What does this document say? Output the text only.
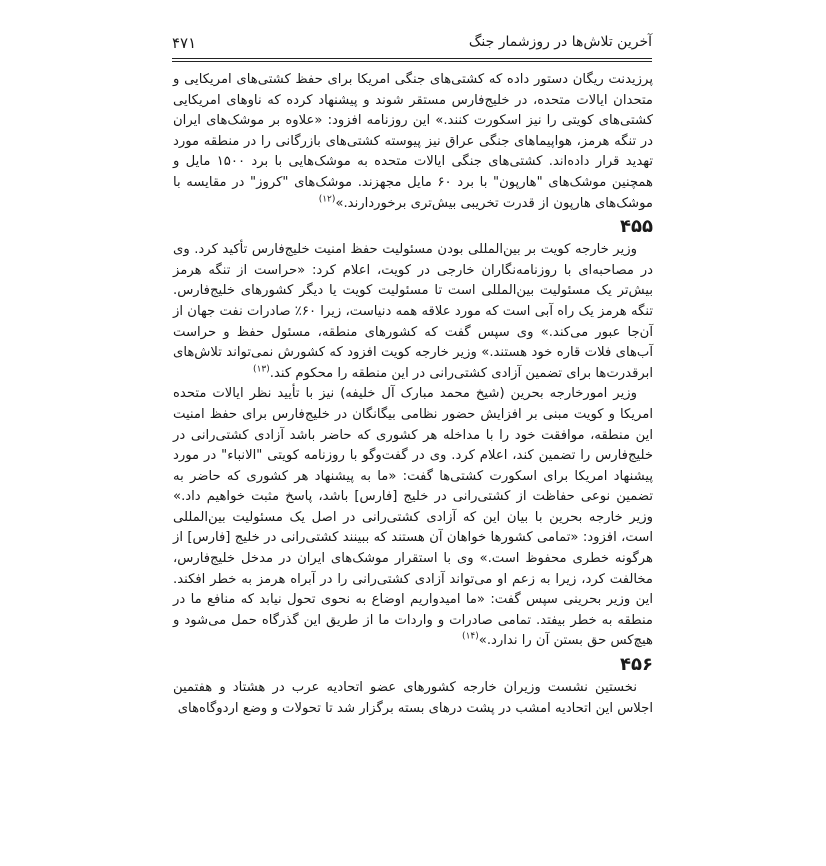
آخرین تلاش‌ها در روزشمار جنگ
۴۷۱

پرزیدنت ریگان دستور داده که کشتی‌های جنگی امریکا برای حفظ کشتی‌های امریکایی و متحدان ایالات متحده، در خلیج‌فارس مستقر شوند و پیشنهاد کرده که ناوهای امریکایی کشتی‌های کویتی را نیز اسکورت کنند.» این روزنامه افزود: «علاوه بر موشک‌های ایران در تنگه هرمز، هواپیماهای جنگی عراق نیز پیوسته کشتی‌های بازرگانی را در منطقه مورد تهدید قرار داده‌اند. کشتی‌های جنگی ایالات متحده به موشک‌هایی با برد ۱۵۰۰ مایل و همچنین موشک‌های "هارپون" با برد ۶۰ مایل مجهزند. موشک‌های "کروز" در مقایسه با موشک‌های هارپون از قدرت تخریبی بیش‌تری برخوردارند.»$^{(۱۲)}$

۴۵۵

وزیر خارجه کویت بر بین‌المللی بودن مسئولیت حفظ امنیت خلیج‌فارس تأکید کرد. وی در مصاحبه‌ای با روزنامه‌نگاران خارجی در کویت، اعلام کرد: «حراست از تنگه هرمز بیش‌تر یک مسئولیت بین‌المللی است تا مسئولیت کویت یا دیگر کشورهای خلیج‌فارس. تنگه هرمز یک راه آبی است که مورد علاقه همه دنیاست، زیرا ۶۰٪ صادرات نفت جهان از آن‌جا عبور می‌کند.» وی سپس گفت که کشورهای منطقه، مسئول حفظ و حراست آب‌های فلات قاره خود هستند.» وزیر خارجه کویت افزود که کشورش نمی‌تواند تلاش‌های ابرقدرت‌ها برای تضمین آزادی کشتی‌رانی در این منطقه را محکوم کند.$^{(۱۳)}$

وزیر امورخارجه بحرین (شیخ محمد مبارک آل خلیفه) نیز با تأیید نظر ایالات متحده امریکا و کویت مبنی بر افزایش حضور نظامی بیگانگان در خلیج‌فارس برای حفظ امنیت این منطقه، موافقت خود را با مداخله هر کشوری که حاضر باشد آزادی کشتی‌رانی در خلیج‌فارس را تضمین کند، اعلام کرد. وی در گفت‌وگو با روزنامه کویتی "الانباء" در مورد پیشنهاد امریکا برای اسکورت کشتی‌ها گفت: «ما به پیشنهاد هر کشوری که حاضر به تضمین نوعی حفاظت از کشتی‌رانی در خلیج [فارس] باشد، پاسخ مثبت خواهیم داد.» وزیر خارجه بحرین با بیان این که آزادی کشتی‌رانی در اصل یک مسئولیت بین‌المللی است، افزود: «تمامی کشورها خواهان آن هستند که ببینند کشتی‌رانی در خلیج [فارس] از هرگونه خطری محفوظ است.» وی با استقرار موشک‌های ایران در مدخل خلیج‌فارس، مخالفت کرد، زیرا به زعم او می‌تواند آزادی کشتی‌رانی را در آبراه هرمز به خطر افکند. این وزیر بحرینی سپس گفت: «ما امیدواریم اوضاع به نحوی تحول نیابد که منافع ما در منطقه به خطر بیفتد. تمامی صادرات و واردات ما از طریق این گذرگاه حمل می‌شود و هیچ‌کس حق بستن آن را ندارد.»$^{(۱۴)}$

۴۵۶

نخستین نشست وزیران خارجه کشورهای عضو اتحادیه عرب در هشتاد و هفتمین اجلاس این اتحادیه امشب در پشت درهای بسته برگزار شد تا تحولات و وضع اردوگاه‌های
